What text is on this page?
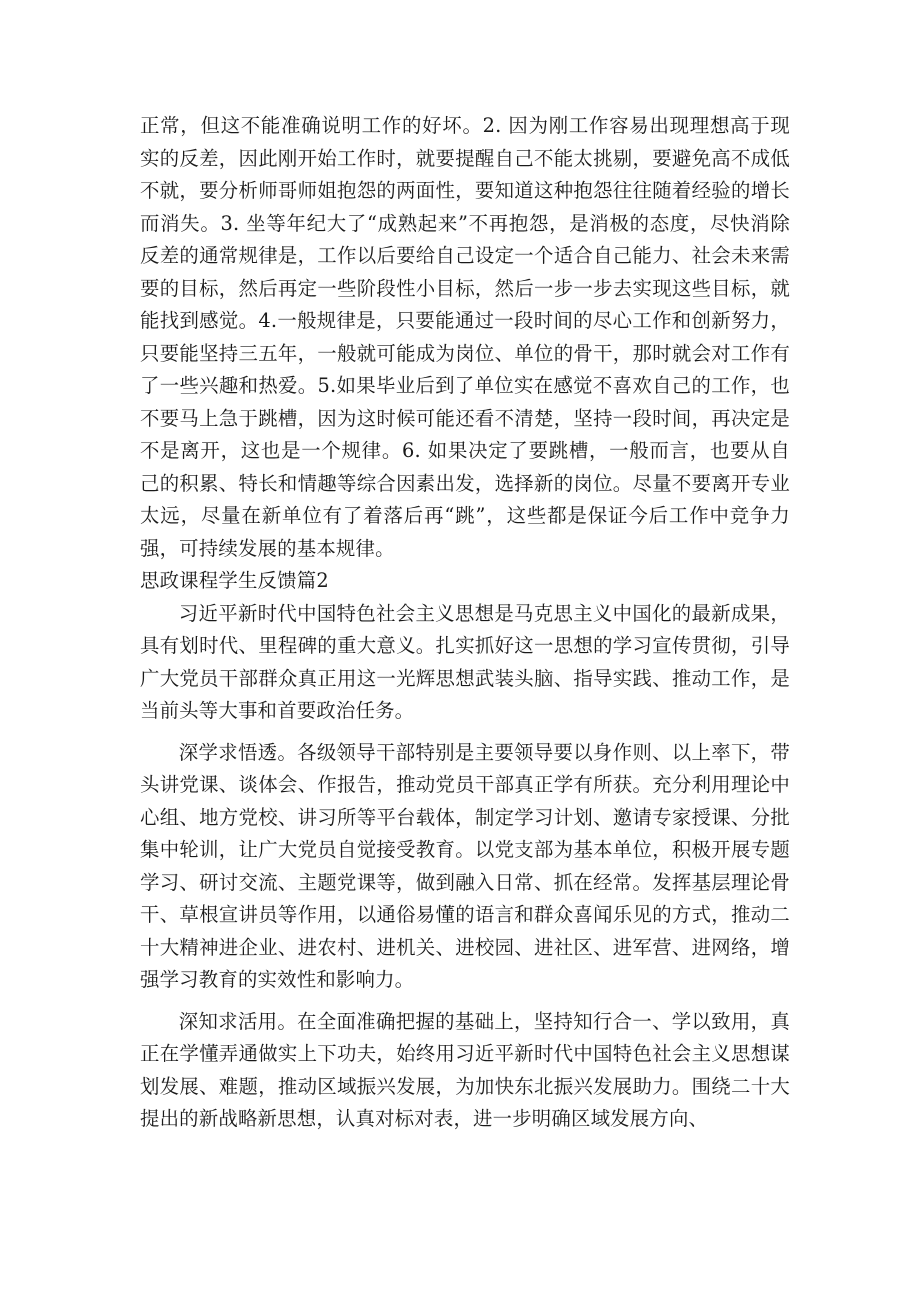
正常，但这不能准确说明工作的好坏。2. 因为刚工作容易出现理想高于现实的反差，因此刚开始工作时，就要提醒自己不能太挑剔，要避免高不成低不就，要分析师哥师姐抱怨的两面性，要知道这种抱怨往往随着经验的增长而消失。3. 坐等年纪大了“成熟起来”不再抱怨，是消极的态度，尽快消除反差的通常规律是，工作以后要给自己设定一个适合自己能力、社会未来需要的目标，然后再定一些阶段性小目标，然后一步一步去实现这些目标，就能找到感觉。4.一般规律是，只要能通过一段时间的尽心工作和创新努力，只要能坚持三五年，一般就可能成为岗位、单位的骨干，那时就会对工作有了一些兴趣和热爱。5.如果毕业后到了单位实在感觉不喜欢自己的工作，也不要马上急于跳槽，因为这时候可能还看不清楚，坚持一段时间，再决定是不是离开，这也是一个规律。6. 如果决定了要跳槽，一般而言，也要从自己的积累、特长和情趣等综合因素出发，选择新的岗位。尽量不要离开专业太远，尽量在新单位有了着落后再“跳”，这些都是保证今后工作中竞争力强，可持续发展的基本规律。

思政课程学生反馈篇2

习近平新时代中国特色社会主义思想是马克思主义中国化的最新成果，具有划时代、里程碑的重大意义。扎实抓好这一思想的学习宣传贯彻，引导广大党员干部群众真正用这一光辉思想武装头脑、指导实践、推动工作，是当前头等大事和首要政治任务。

深学求悟透。各级领导干部特别是主要领导要以身作则、以上率下，带头讲党课、谈体会、作报告，推动党员干部真正学有所获。充分利用理论中心组、地方党校、讲习所等平台载体，制定学习计划、邀请专家授课、分批集中轮训，让广大党员自觉接受教育。以党支部为基本单位，积极开展专题学习、研讨交流、主题党课等，做到融入日常、抓在经常。发挥基层理论骨干、草根宣讲员等作用，以通俗易懂的语言和群众喜闻乐见的方式，推动二十大精神进企业、进农村、进机关、进校园、进社区、进军营、进网络，增强学习教育的实效性和影响力。

深知求活用。在全面准确把握的基础上，坚持知行合一、学以致用，真正在学懂弄通做实上下功夫，始终用习近平新时代中国特色社会主义思想谋划发展、难题，推动区域振兴发展，为加快东北振兴发展助力。围绕二十大提出的新战略新思想，认真对标对表，进一步明确区域发展方向、
